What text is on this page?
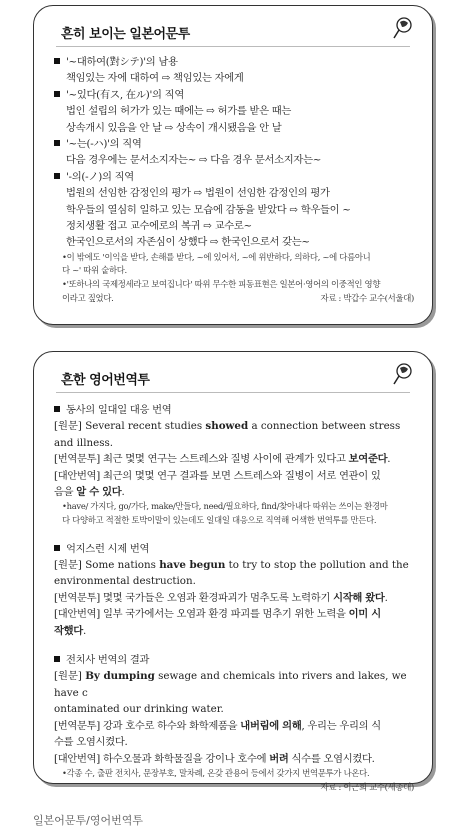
흔히 보이는 일본어문투
'~대하여(對シテ)'의 남용
책임있는 자에 대하여 ⇨ 책임있는 자에게
'~있다(有ス, 在ル)'의 직역
법인 설립의 허가가 있는 때에는 ⇨ 허가를 받은 때는
상속개시 있음을 안 날 ⇨ 상속이 개시됐음을 안 날
'~는(-ハ)'의 직역
다음 경우에는 문서소지자는~ ⇨ 다음 경우 문서소지자는~
'-의(-ノ)의 직역
법원의 선임한 감정인의 평가 ⇨ 법원이 선임한 감정인의 평가
학우들의 열심히 일하고 있는 모습에 감동을 받았다 ⇨ 학우들이 ~
정치생활 접고 교수에로의 복귀 ⇨ 교수로~
한국인으로서의 자존심이 상했다 ⇨ 한국인으로서 갖는~
•이 밖에도 '이익을 받다, 손해를 받다, ~에 있어서, ~에 위반하다, 의하다, ~에 다름아니
다 ~' 따위 숱하다.
•'또하나의 국제정세라고 보여집니다' 따위 무수한 피동표현은 일본어·영어의 이중적인 영향
이라고 짚었다.	자료 : 박갑수 교수(서울대)
흔한 영어번역투
동사의 일대일 대응 번역
[원문] Several recent studies showed a connection between stress and illness.
[번역문투] 최근 몇몇 연구는 스트레스와 질병 사이에 관계가 있다고 보여준다.
[대안번역] 최근의 몇몇 연구 결과를 보면 스트레스와 질병이 서로 연관이 있
음을 알 수 있다.
•have/ 가지다, go/가다, make/만들다, need/필요하다, find/찾아내다 따위는 쓰이는 환경마
다 다양하고 적절한 토박이말이 있는데도 일대일 대응으로 직역해 어색한 번역투를 만든다.
억지스런 시제 번역
[원문] Some nations have begun to try to stop the pollution and the
environmental destruction.
[번역문투] 몇몇 국가들은 오염과 환경파괴가 멈추도록 노력하기 시작해 왔다.
[대안번역] 일부 국가에서는 오염과 환경 파괴를 멈추기 위한 노력을 이미 시
작했다.
전치사 번역의 결과
[원문] By dumping sewage and chemicals into rivers and lakes, we have c
ontaminated our drinking water.
[번역문투] 강과 호수로 하수와 화학제품을 내버림에 의해, 우리는 우리의 식
수를 오염시켰다.
[대안번역] 하수오물과 화학물질을 강이나 호수에 버려 식수를 오염시켰다.
•각종 수, 출판 전치사, 문장부호, 말차례, 온갖 관용어 등에서 갖가지 번역문투가 나온다.
자료 : 이근희 교수(세종대)
일본어문투/영어번역투
